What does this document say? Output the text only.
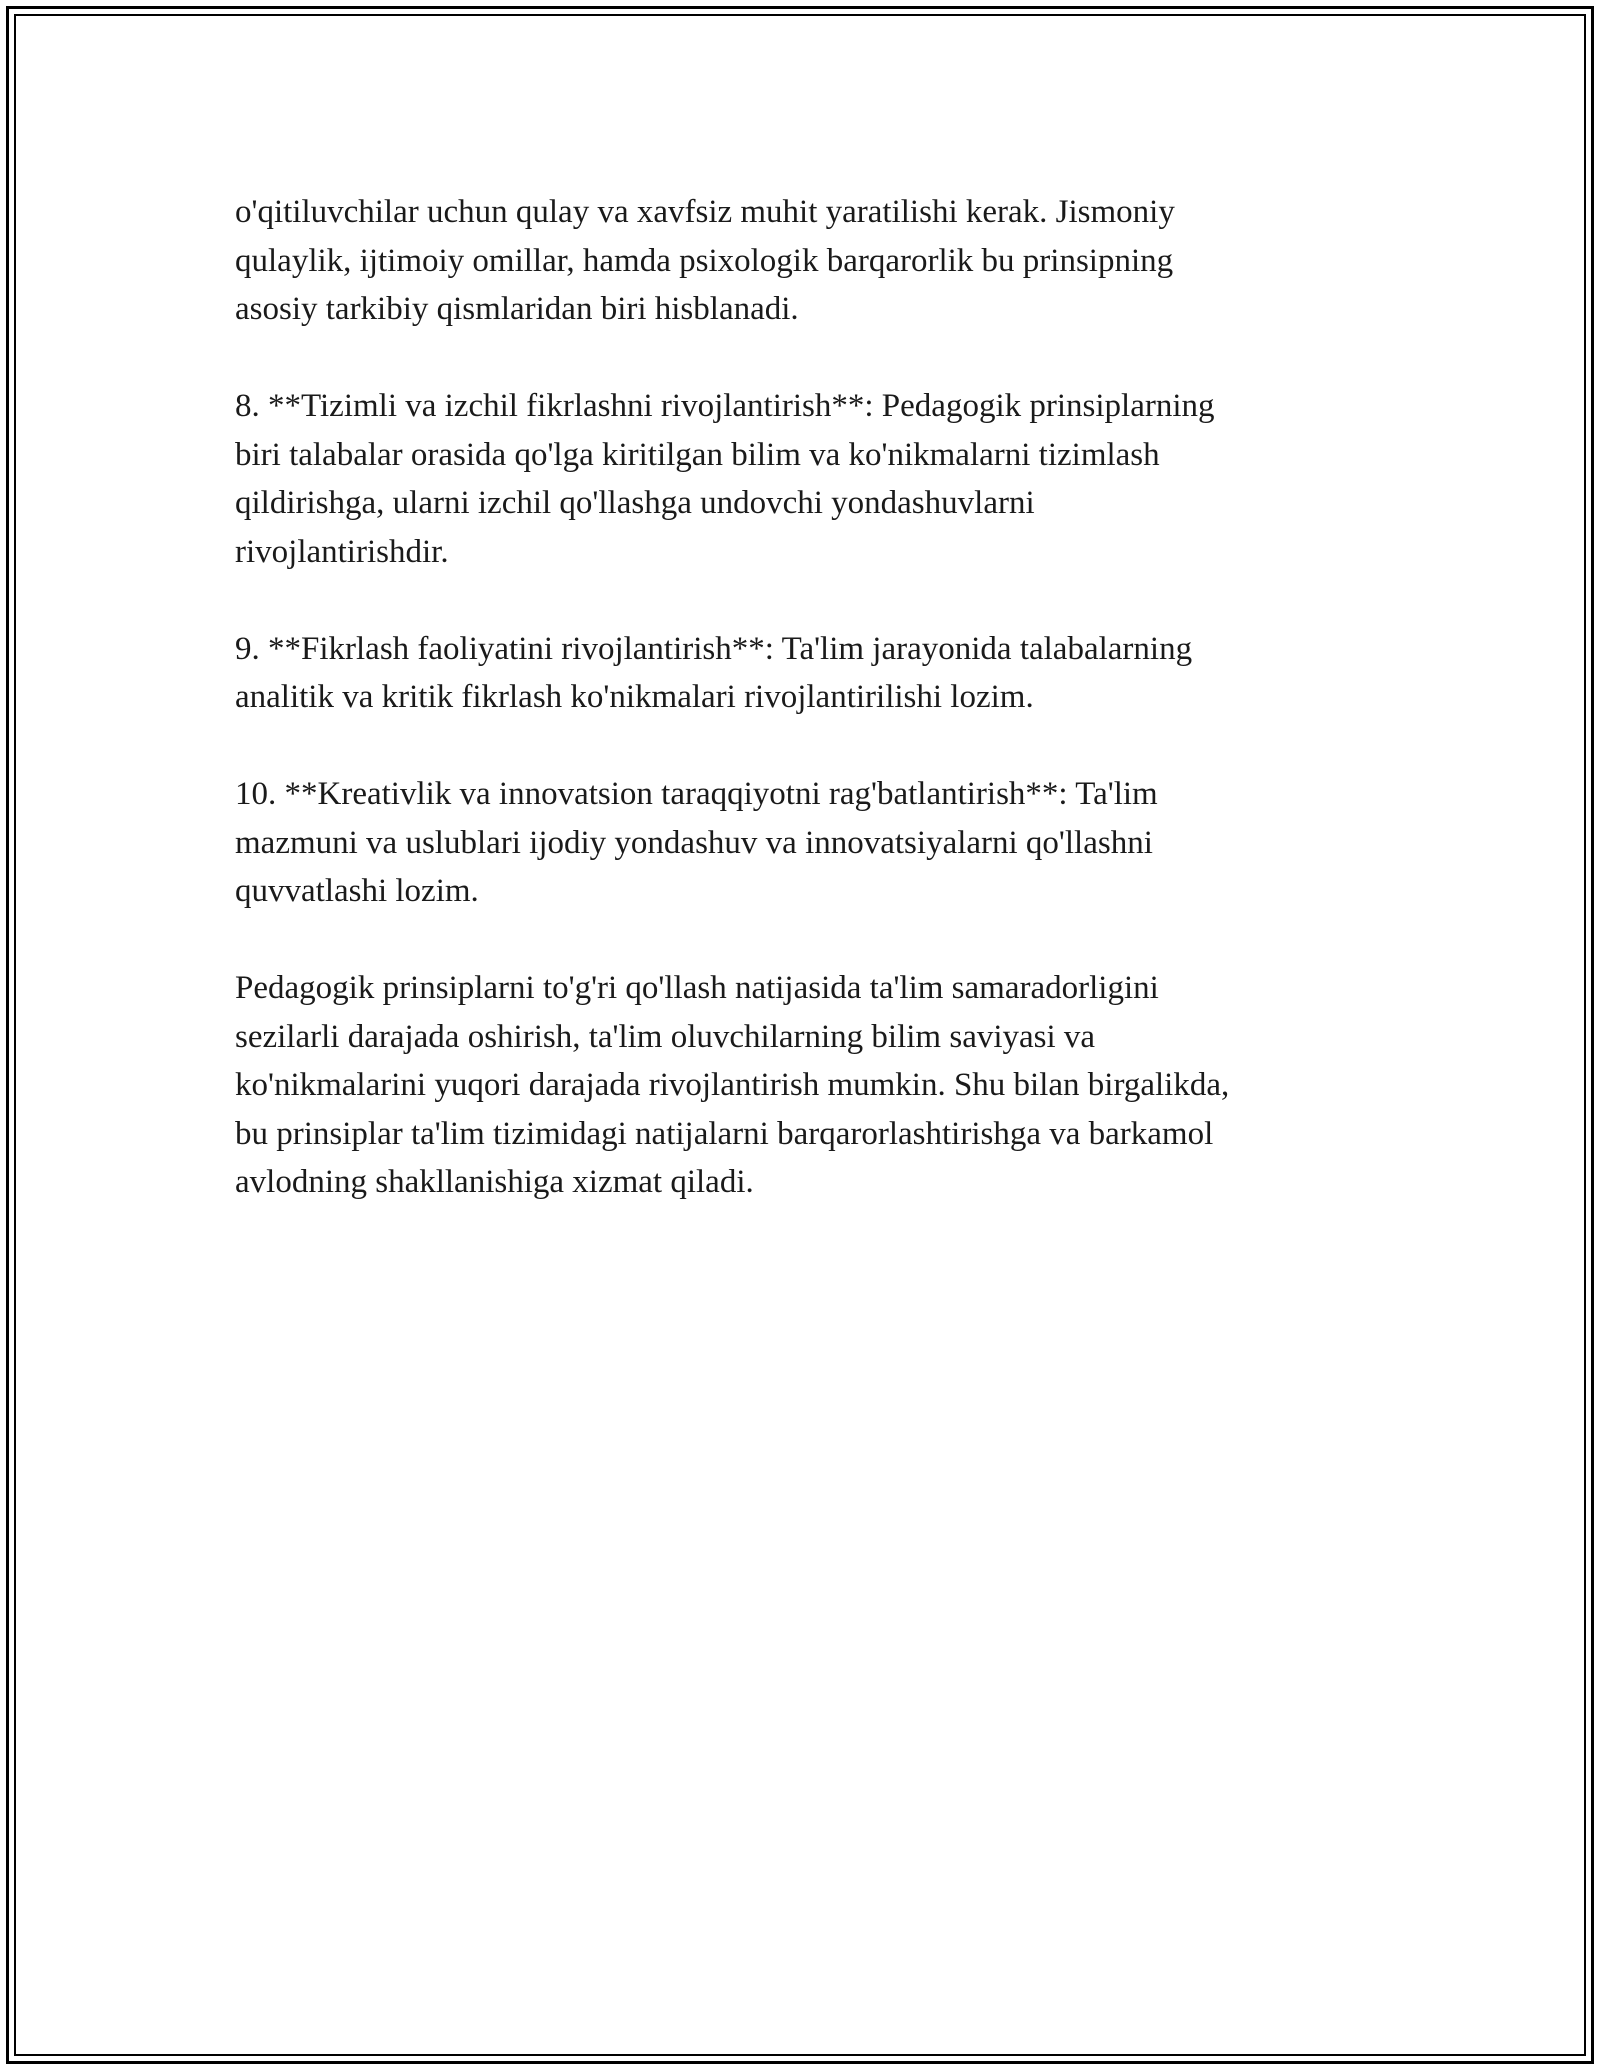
o'qitiluvchilar uchun qulay va xavfsiz muhit yaratilishi kerak. Jismoniy
qulaylik, ijtimoiy omillar, hamda psixologik barqarorlik bu prinsipning
asosiy tarkibiy qismlaridan biri hisblanadi.

8. **Tizimli va izchil fikrlashni rivojlantirish**: Pedagogik prinsiplarning
biri talabalar orasida qo'lga kiritilgan bilim va ko'nikmalarni tizimlash
qildirishga, ularni izchil qo'llashga undovchi yondashuvlarni
rivojlantirishdir.

9. **Fikrlash faoliyatini rivojlantirish**: Ta'lim jarayonida talabalarning
analitik va kritik fikrlash ko'nikmalari rivojlantirilishi lozim.

10. **Kreativlik va innovatsion taraqqiyotni rag'batlantirish**: Ta'lim
mazmuni va uslublari ijodiy yondashuv va innovatsiyalarni qo'llashni
quvvatlashi lozim.

Pedagogik prinsiplarni to'g'ri qo'llash natijasida ta'lim samaradorligini
sezilarli darajada oshirish, ta'lim oluvchilarning bilim saviyasi va
ko'nikmalarini yuqori darajada rivojlantirish mumkin. Shu bilan birgalikda,
bu prinsiplar ta'lim tizimidagi natijalarni barqarorlashtirishga va barkamol
avlodning shakllanishiga xizmat qiladi.
